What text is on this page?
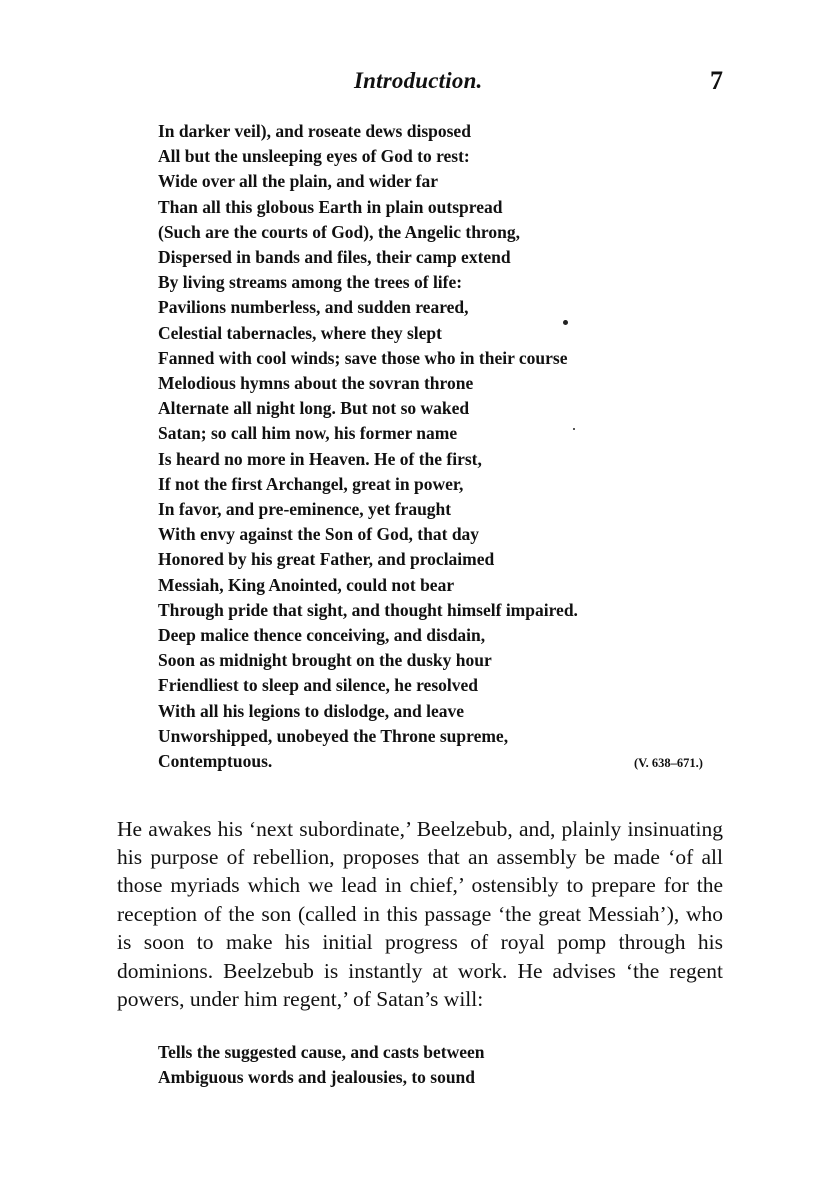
Introduction.	7
In darker veil), and roseate dews disposed
All but the unsleeping eyes of God to rest:
Wide over all the plain, and wider far
Than all this globous Earth in plain outspread
(Such are the courts of God), the Angelic throng,
Dispersed in bands and files, their camp extend
By living streams among the trees of life:
Pavilions numberless, and sudden reared,
Celestial tabernacles, where they slept
Fanned with cool winds; save those who in their course
Melodious hymns about the sovran throne
Alternate all night long. But not so waked
Satan; so call him now, his former name
Is heard no more in Heaven. He of the first,
If not the first Archangel, great in power,
In favor, and pre-eminence, yet fraught
With envy against the Son of God, that day
Honored by his great Father, and proclaimed
Messiah, King Anointed, could not bear
Through pride that sight, and thought himself impaired.
Deep malice thence conceiving, and disdain,
Soon as midnight brought on the dusky hour
Friendliest to sleep and silence, he resolved
With all his legions to dislodge, and leave
Unworshipped, unobeyed the Throne supreme,
Contemptuous.	(V. 638–671.)

He awakes his ‘next subordinate,’ Beelzebub, and, plainly insinuating his purpose of rebellion, proposes that an assembly be made ‘of all those myriads which we lead in chief,’ ostensibly to prepare for the reception of the son (called in this passage ‘the great Messiah’), who is soon to make his initial progress of royal pomp through his dominions. Beelzebub is instantly at work. He advises ‘the regent powers, under him regent,’ of Satan’s will:

Tells the suggested cause, and casts between
Ambiguous words and jealousies, to sound
